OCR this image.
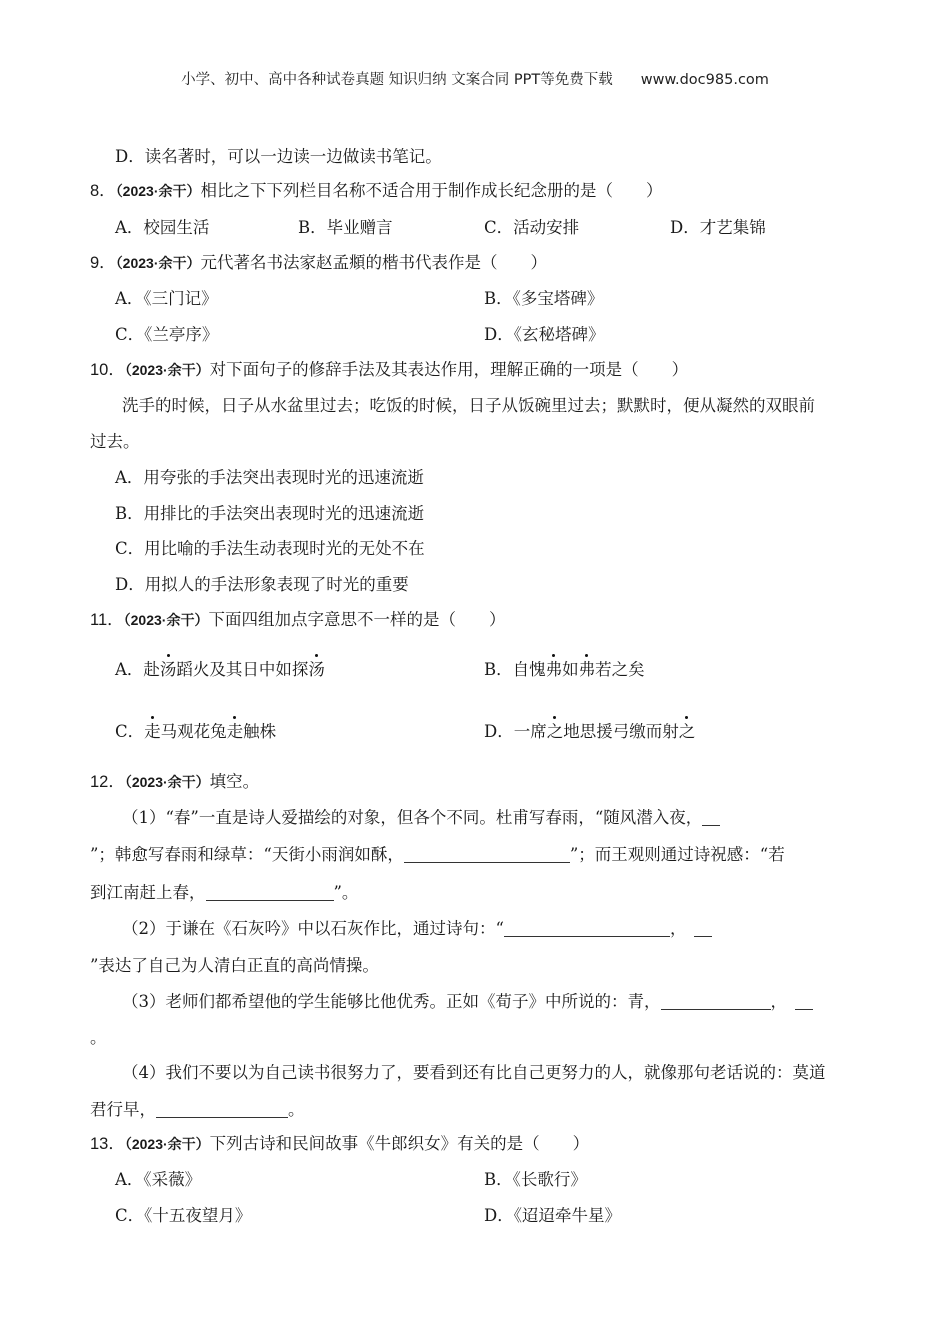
小学、初中、高中各种试卷真题 知识归纳 文案合同 PPT等免费下载 www.doc985.com
D．读名著时，可以一边读一边做读书笔记。
8．（2023·余干）相比之下下列栏目名称不适合用于制作成长纪念册的是（　　）
A．校园生活	B．毕业赠言	C．活动安排	D．才艺集锦
9．（2023·余干）元代著名书法家赵孟頫的楷书代表作是（　　）
A．《三门记》	B．《多宝塔碑》
C．《兰亭序》	D．《玄秘塔碑》
10．（2023·余干）对下面句子的修辞手法及其表达作用，理解正确的一项是（　　）
洗手的时候，日子从水盆里过去；吃饭的时候，日子从饭碗里过去；默默时，便从凝然的双眼前
过去。
A．用夸张的手法突出表现时光的迅速流逝
B．用排比的手法突出表现时光的迅速流逝
C．用比喻的手法生动表现时光的无处不在
D．用拟人的手法形象表现了时光的重要
11．（2023·余干）下面四组加点字意思不一样的是（　　）
A．赴汤蹈火及其日中如探汤	B．自愧弗如弗若之矣
C．走马观花兔走触株	D．一席之地思援弓缴而射之
12．（2023·余干）填空。
（1）“春”一直是诗人爱描绘的对象，但各个不同。杜甫写春雨，“随风潜入夜，
”；韩愈写春雨和绿草：“天街小雨润如酥，	”；而王观则通过诗祝感：“若
到江南赶上春，	”。
（2）于谦在《石灰吟》中以石灰作比，通过诗句：“	，
”表达了自己为人清白正直的高尚情操。
（3）老师们都希望他的学生能够比他优秀。正如《荀子》中所说的：青，	，
。
（4）我们不要以为自己读书很努力了，要看到还有比自己更努力的人，就像那句老话说的：莫道
君行早，	。
13．（2023·余干）下列古诗和民间故事《牛郎织女》有关的是（　　）
A．《采薇》	B．《长歌行》
C．《十五夜望月》	D．《迢迢牵牛星》
